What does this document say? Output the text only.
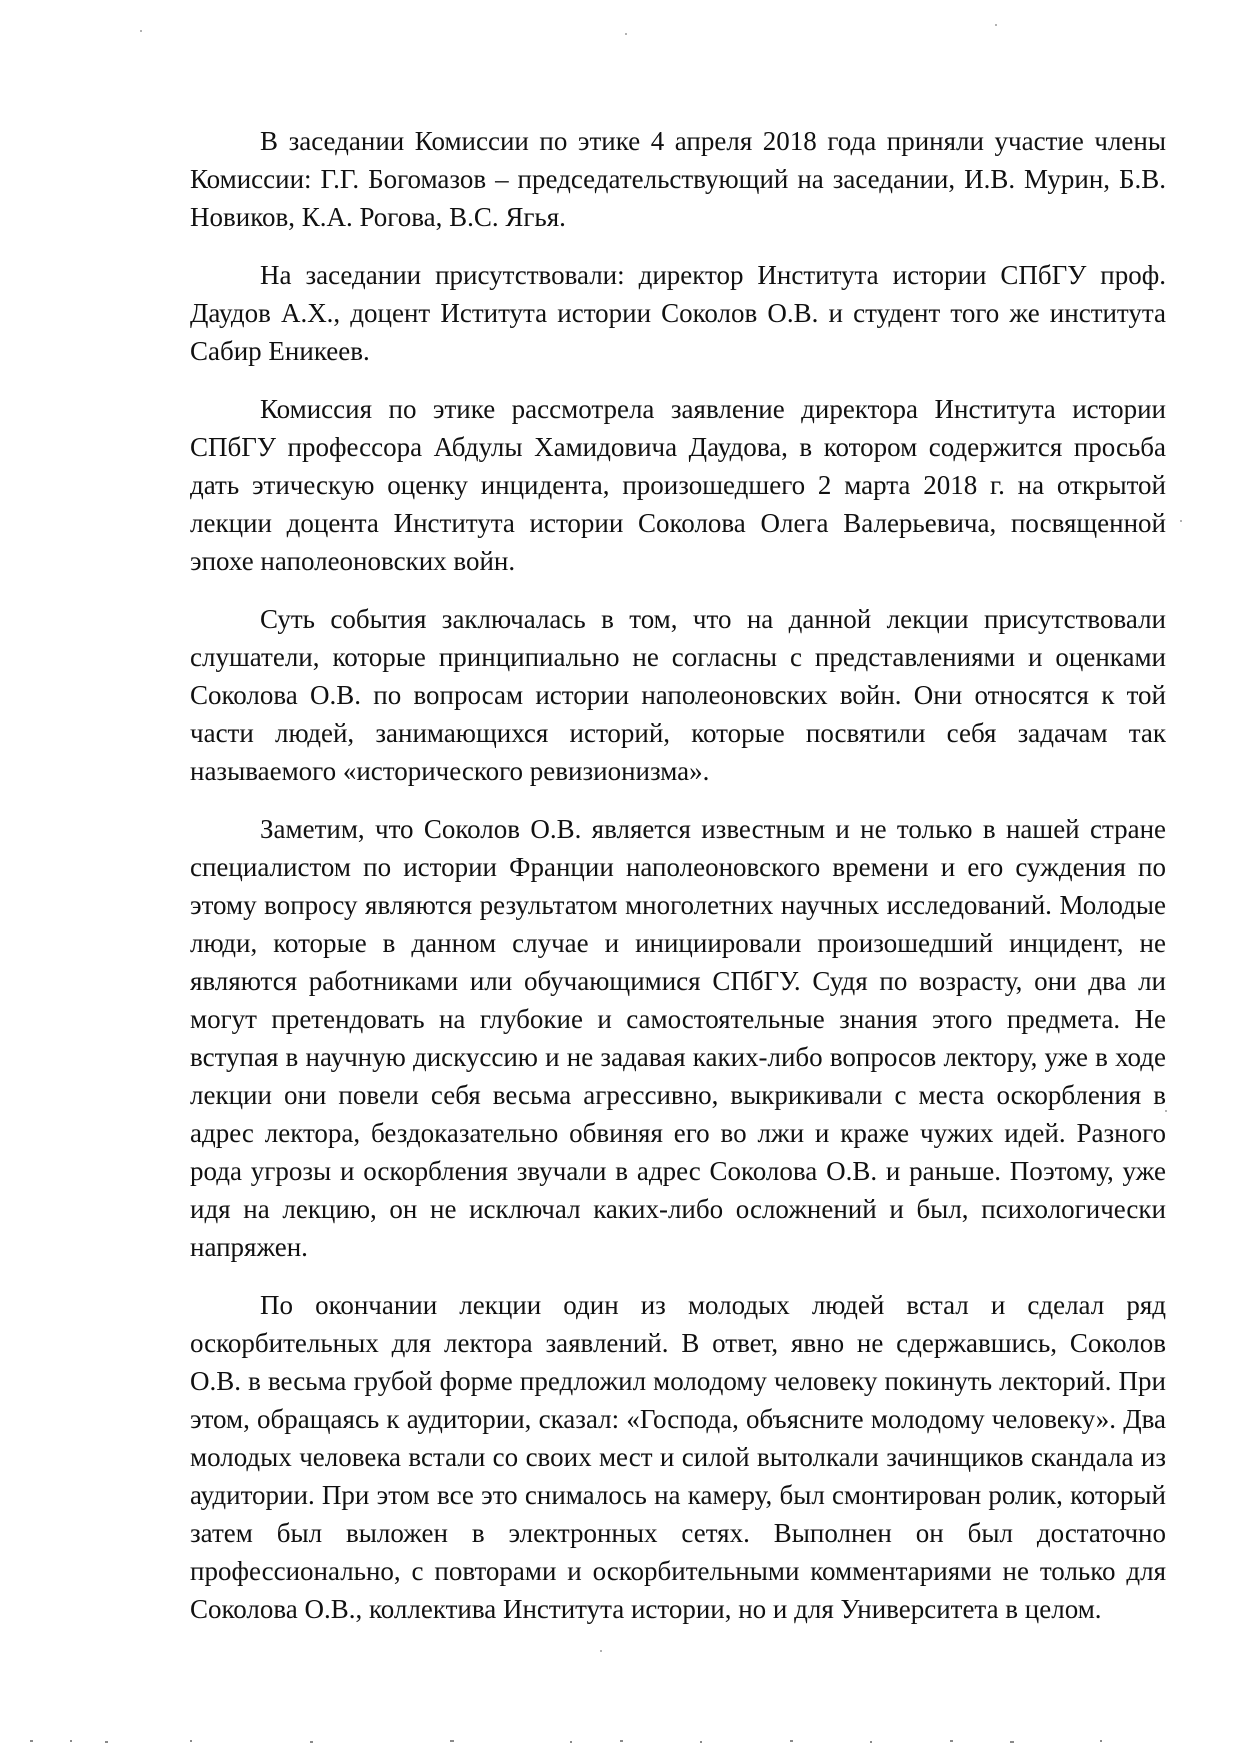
В заседании Комиссии по этике 4 апреля 2018 года приняли участие члены Комиссии: Г.Г. Богомазов – председательствующий на заседании, И.В. Мурин, Б.В. Новиков, К.А. Рогова, В.С. Ягья.

На заседании присутствовали: директор Института истории СПбГУ проф. Даудов А.Х., доцент Иститута истории Соколов О.В. и студент того же института Сабир Еникеев.

Комиссия по этике рассмотрела заявление директора Института истории СПбГУ профессора Абдулы Хамидовича Даудова, в котором содержится просьба дать этическую оценку инцидента, произошедшего 2 марта 2018 г. на открытой лекции доцента Института истории Соколова Олега Валерьевича, посвященной эпохе наполеоновских войн.

Суть события заключалась в том, что на данной лекции присутствовали слушатели, которые принципиально не согласны с представлениями и оценками Соколова О.В. по вопросам истории наполеоновских войн. Они относятся к той части людей, занимающихся историй, которые посвятили себя задачам так называемого «исторического ревизионизма».

Заметим, что Соколов О.В. является известным и не только в нашей стране специалистом по истории Франции наполеоновского времени и его суждения по этому вопросу являются результатом многолетних научных исследований. Молодые люди, которые в данном случае и инициировали произошедший инцидент, не являются работниками или обучающимися СПбГУ. Судя по возрасту, они два ли могут претендовать на глубокие и самостоятельные знания этого предмета. Не вступая в научную дискуссию и не задавая каких-либо вопросов лектору, уже в ходе лекции они повели себя весьма агрессивно, выкрикивали с места оскорбления в адрес лектора, бездоказательно обвиняя его во лжи и краже чужих идей. Разного рода угрозы и оскорбления звучали в адрес Соколова О.В. и раньше. Поэтому, уже идя на лекцию, он не исключал каких-либо осложнений и был, психологически напряжен.

По окончании лекции один из молодых людей встал и сделал ряд оскорбительных для лектора заявлений. В ответ, явно не сдержавшись, Соколов О.В. в весьма грубой форме предложил молодому человеку покинуть лекторий. При этом, обращаясь к аудитории, сказал: «Господа, объясните молодому человеку». Два молодых человека встали со своих мест и силой вытолкали зачинщиков скандала из аудитории. При этом все это снималось на камеру, был смонтирован ролик, который затем был выложен в электронных сетях. Выполнен он был достаточно профессионально, с повторами и оскорбительными комментариями не только для Соколова О.В., коллектива Института истории, но и для Университета в целом.
